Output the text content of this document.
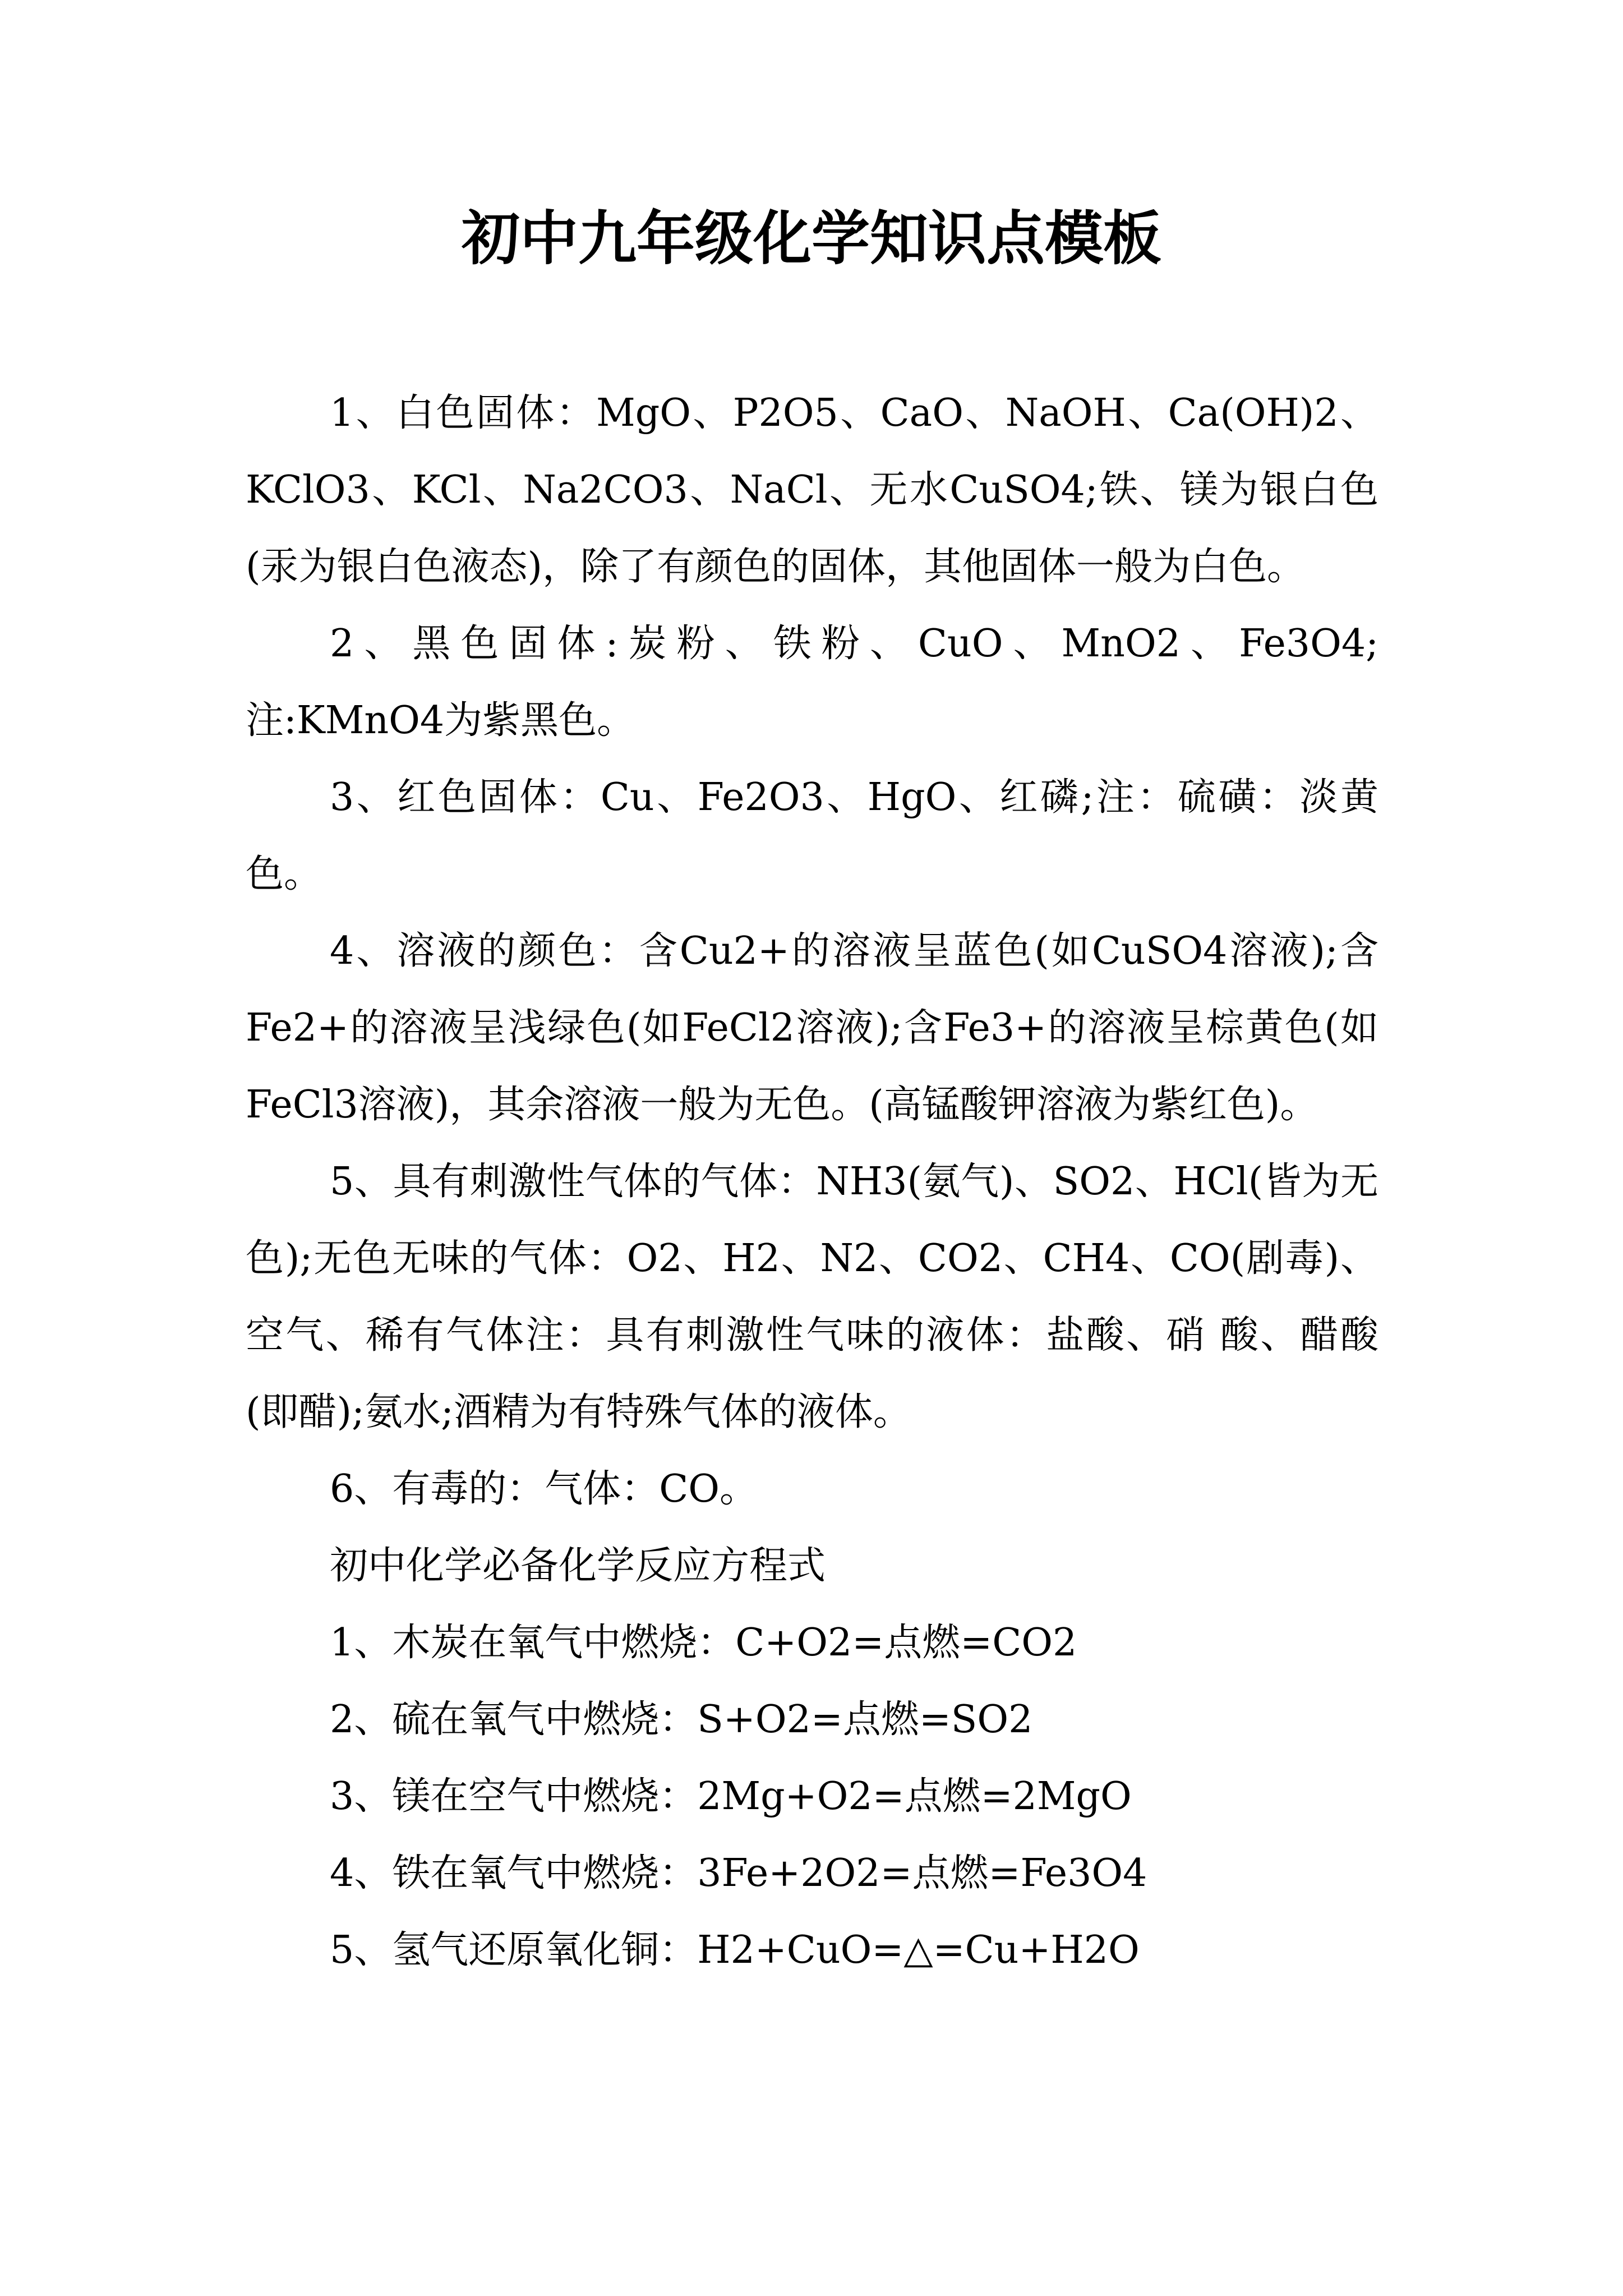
初中九年级化学知识点模板

1、白色固体：MgO、P2O5、CaO、NaOH、Ca(OH)2、KClO3、KCl、Na2CO3、NaCl、无水CuSO4;铁、镁为银白色(汞为银白色液态)，除了有颜色的固体，其他固体一般为白色。

2、黑色固体:炭粉、铁粉、CuO、MnO2、Fe3O4;注:KMnO4为紫黑色。

3、红色固体：Cu、Fe2O3、HgO、红磷;注：硫磺：淡黄色。

4、溶液的颜色：含Cu2+的溶液呈蓝色(如CuSO4溶液);含Fe2+的溶液呈浅绿色(如FeCl2溶液);含Fe3+的溶液呈棕黄色(如FeCl3溶液)，其余溶液一般为无色。(高锰酸钾溶液为紫红色)。

5、具有刺激性气体的气体：NH3(氨气)、SO2、HCl(皆为无色);无色无味的气体：O2、H2、N2、CO2、CH4、CO(剧毒)、空气、稀有气体注：具有刺激性气味的液体：盐酸、硝 酸、醋酸(即醋);氨水;酒精为有特殊气体的液体。

6、有毒的：气体：CO。

初中化学必备化学反应方程式

1、木炭在氧气中燃烧：C+O2=点燃=CO2

2、硫在氧气中燃烧：S+O2=点燃=SO2

3、镁在空气中燃烧：2Mg+O2=点燃=2MgO

4、铁在氧气中燃烧：3Fe+2O2=点燃=Fe3O4

5、氢气还原氧化铜：H2+CuO=△=Cu+H2O
